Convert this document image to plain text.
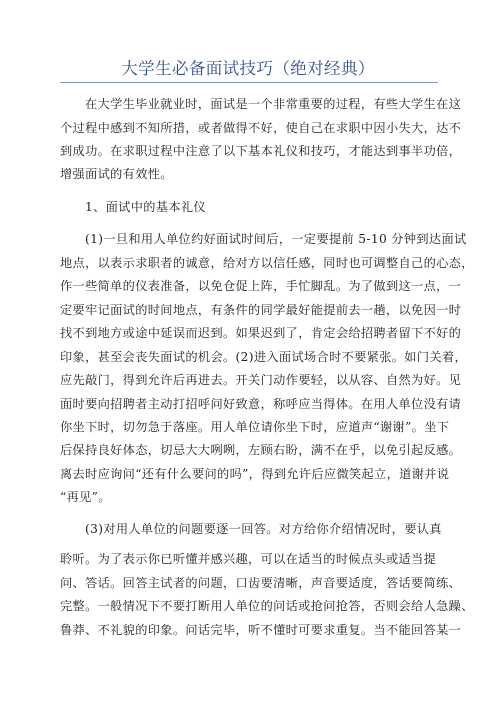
大学生必备面试技巧（绝对经典）
在大学生毕业就业时，面试是一个非常重要的过程，有些大学生在这
个过程中感到不知所措，或者做得不好，使自己在求职中因小失大，达不
到成功。在求职过程中注意了以下基本礼仪和技巧，才能达到事半功倍，
增强面试的有效性。
1、面试中的基本礼仪
(1)一旦和用人单位约好面试时间后，一定要提前 5-10 分钟到达面试
地点，以表示求职者的诚意，给对方以信任感，同时也可调整自己的心态，
作一些简单的仪表准备，以免仓促上阵，手忙脚乱。为了做到这一点，一
定要牢记面试的时间地点，有条件的同学最好能提前去一趟，以免因一时
找不到地方或途中延误而迟到。如果迟到了，肯定会给招聘者留下不好的
印象，甚至会丧失面试的机会。(2)进入面试场合时不要紧张。如门关着，
应先敲门，得到允许后再进去。开关门动作要轻，以从容、自然为好。见
面时要向招聘者主动打招呼问好致意，称呼应当得体。在用人单位没有请
你坐下时，切勿急于落座。用人单位请你坐下时，应道声“谢谢”。坐下
后保持良好体态，切忌大大咧咧，左顾右盼，满不在乎，以免引起反感。
离去时应询问“还有什么要问的吗”，得到允许后应微笑起立，道谢并说
“再见”。
(3)对用人单位的问题要逐一回答。对方给你介绍情况时，要认真
聆听。为了表示你已听懂并感兴趣，可以在适当的时候点头或适当提
问、答话。回答主试者的问题，口齿要清晰，声音要适度，答话要简练、
完整。一般情况下不要打断用人单位的问话或抢问抢答，否则会给人急躁、
鲁莽、不礼貌的印象。问话完毕，听不懂时可要求重复。当不能回答某一
